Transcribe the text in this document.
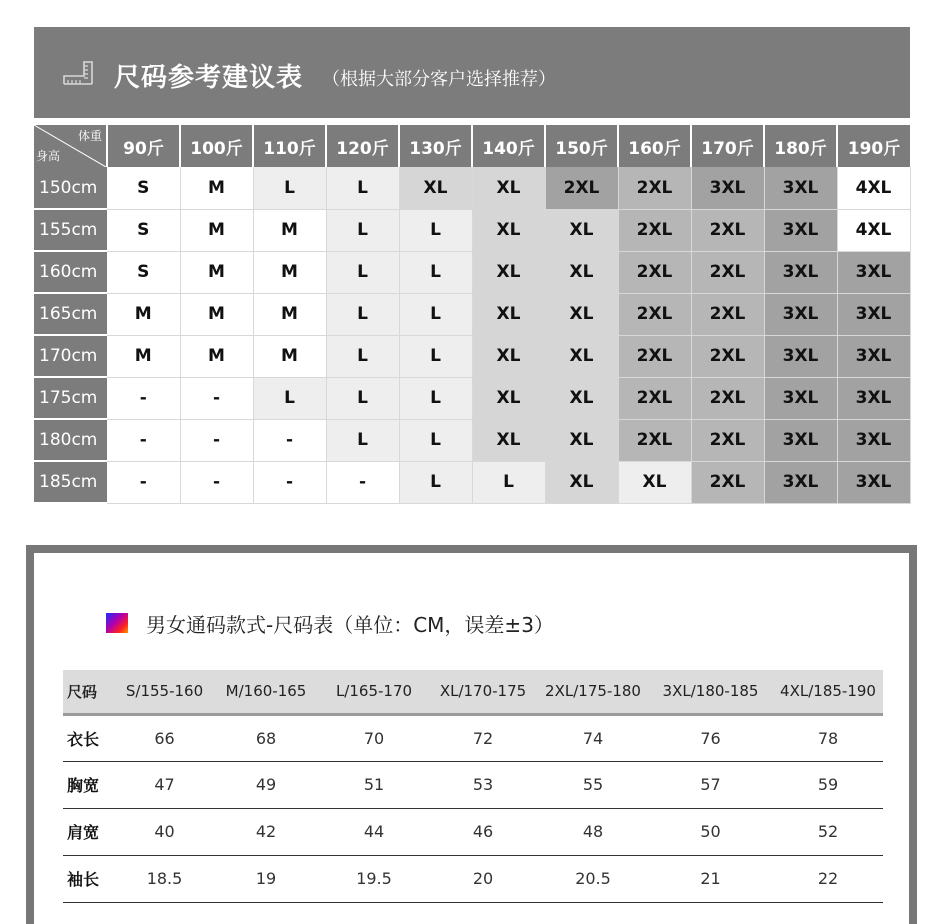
尺码参考建议表 （根据大部分客户选择推荐）
体重
身高	90斤	100斤	110斤	120斤	130斤	140斤	150斤	160斤	170斤	180斤	190斤
150cm	S	M	L	L	XL	XL	2XL	2XL	3XL	3XL	4XL
155cm	S	M	M	L	L	XL	XL	2XL	2XL	3XL	4XL
160cm	S	M	M	L	L	XL	XL	2XL	2XL	3XL	3XL
165cm	M	M	M	L	L	XL	XL	2XL	2XL	3XL	3XL
170cm	M	M	M	L	L	XL	XL	2XL	2XL	3XL	3XL
175cm	-	-	L	L	L	XL	XL	2XL	2XL	3XL	3XL
180cm	-	-	-	L	L	XL	XL	2XL	2XL	3XL	3XL
185cm	-	-	-	-	L	L	XL	XL	2XL	3XL	3XL
男女通码款式-尺码表（单位：CM，误差±3）
尺码	S/155-160	M/160-165	L/165-170	XL/170-175	2XL/175-180	3XL/180-185	4XL/185-190
衣长	66	68	70	72	74	76	78
胸宽	47	49	51	53	55	57	59
肩宽	40	42	44	46	48	50	52
袖长	18.5	19	19.5	20	20.5	21	22
